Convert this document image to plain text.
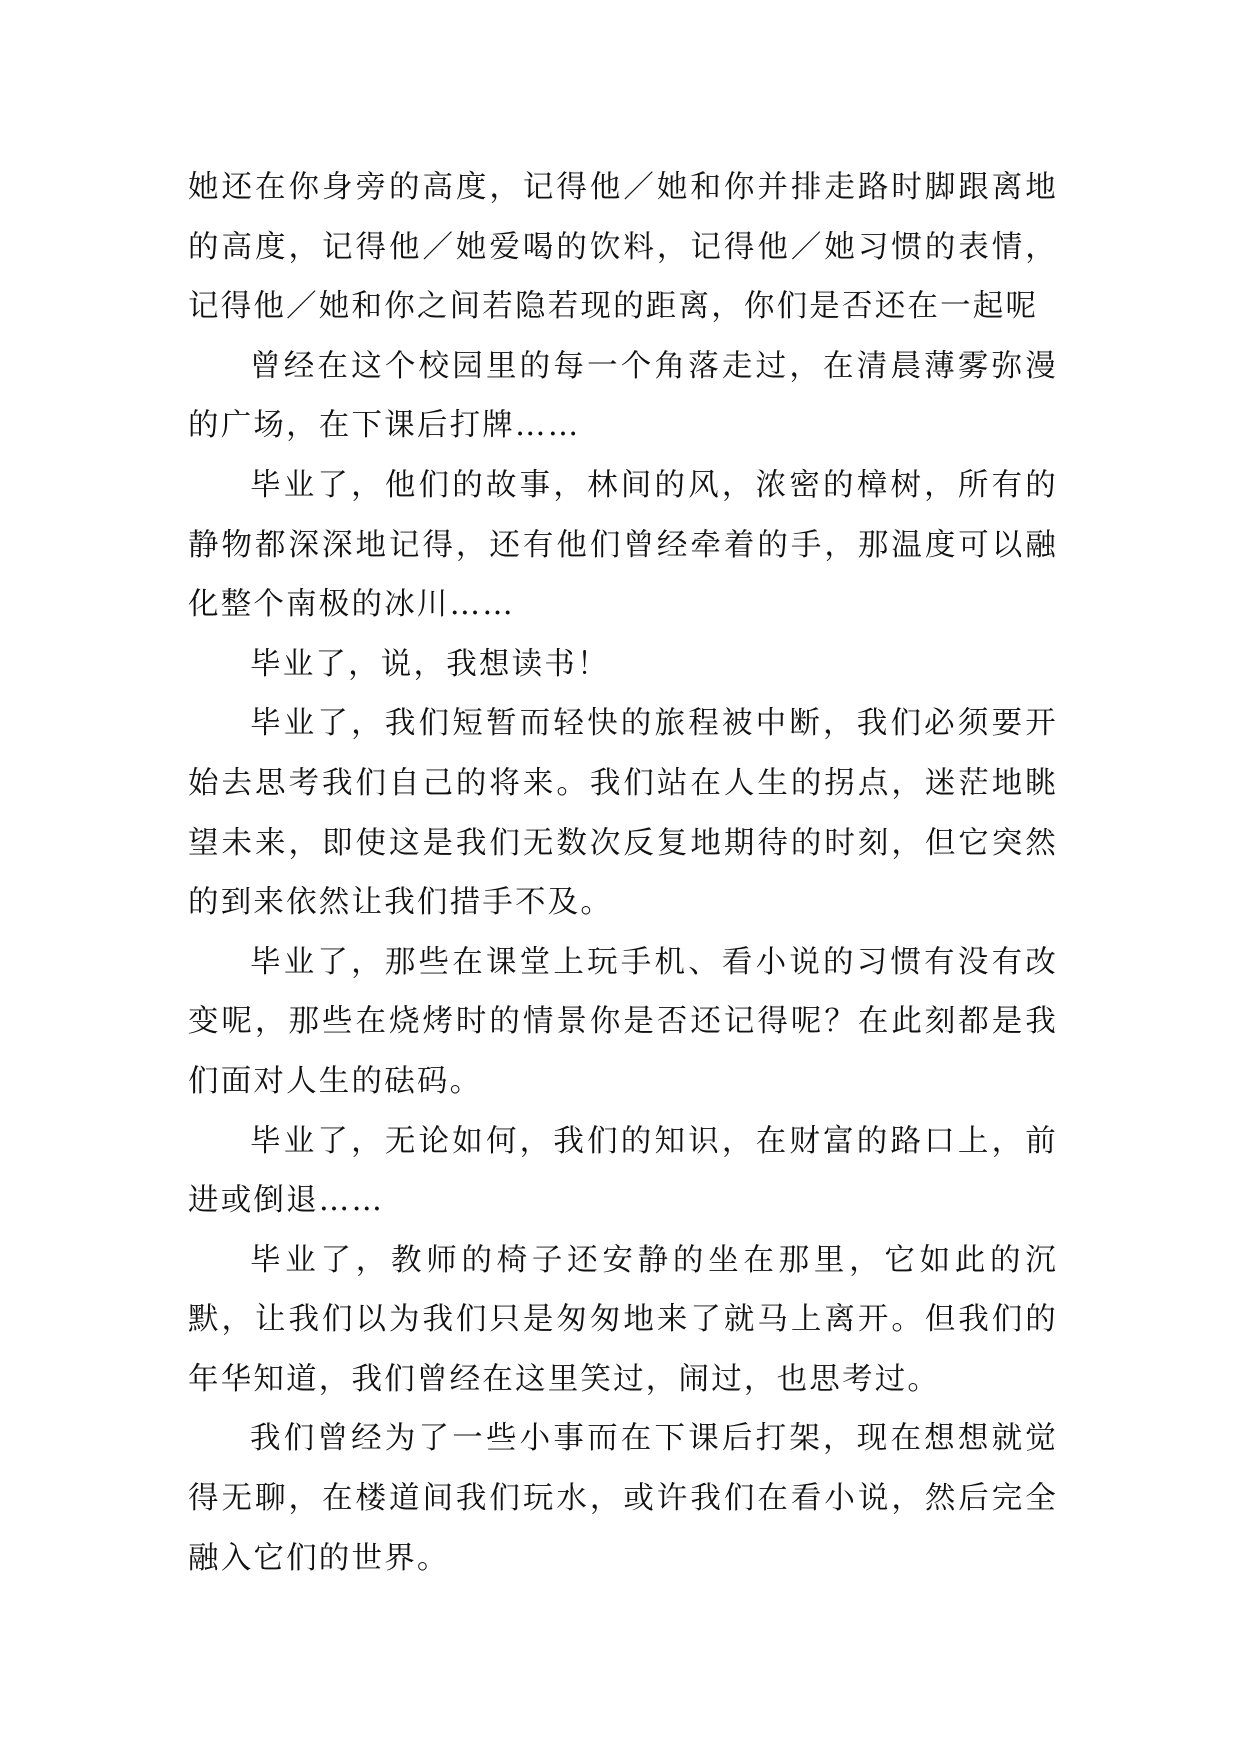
她还在你身旁的高度，记得他／她和你并排走路时脚跟离地的高度，记得他／她爱喝的饮料，记得他／她习惯的表情，记得他／她和你之间若隐若现的距离，你们是否还在一起呢

曾经在这个校园里的每一个角落走过，在清晨薄雾弥漫的广场，在下课后打牌……

毕业了，他们的故事，林间的风，浓密的樟树，所有的静物都深深地记得，还有他们曾经牵着的手，那温度可以融化整个南极的冰川……

毕业了，说，我想读书！

毕业了，我们短暂而轻快的旅程被中断，我们必须要开始去思考我们自己的将来。我们站在人生的拐点，迷茫地眺望未来，即使这是我们无数次反复地期待的时刻，但它突然的到来依然让我们措手不及。

毕业了，那些在课堂上玩手机、看小说的习惯有没有改变呢，那些在烧烤时的情景你是否还记得呢？在此刻都是我们面对人生的砝码。

毕业了，无论如何，我们的知识，在财富的路口上，前进或倒退……

毕业了，教师的椅子还安静的坐在那里，它如此的沉默，让我们以为我们只是匆匆地来了就马上离开。但我们的年华知道，我们曾经在这里笑过，闹过，也思考过。

我们曾经为了一些小事而在下课后打架，现在想想就觉得无聊，在楼道间我们玩水，或许我们在看小说，然后完全融入它们的世界。
